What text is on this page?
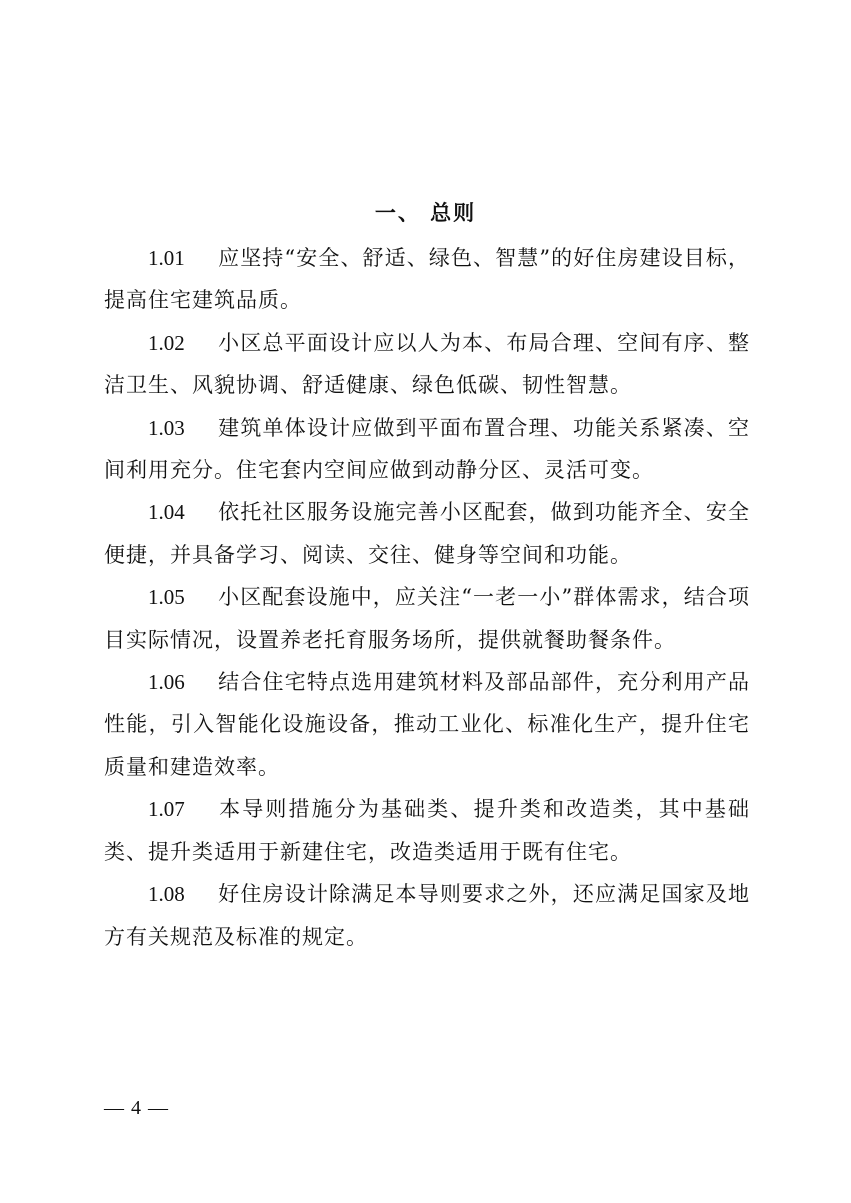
一、 总则

1.01 应坚持“安全、舒适、绿色、智慧”的好住房建设目标，提高住宅建筑品质。

1.02 小区总平面设计应以人为本、布局合理、空间有序、整洁卫生、风貌协调、舒适健康、绿色低碳、韧性智慧。

1.03 建筑单体设计应做到平面布置合理、功能关系紧凑、空间利用充分。住宅套内空间应做到动静分区、灵活可变。

1.04 依托社区服务设施完善小区配套，做到功能齐全、安全便捷，并具备学习、阅读、交往、健身等空间和功能。

1.05 小区配套设施中，应关注“一老一小”群体需求，结合项目实际情况，设置养老托育服务场所，提供就餐助餐条件。

1.06 结合住宅特点选用建筑材料及部品部件，充分利用产品性能，引入智能化设施设备，推动工业化、标准化生产，提升住宅质量和建造效率。

1.07 本导则措施分为基础类、提升类和改造类，其中基础类、提升类适用于新建住宅，改造类适用于既有住宅。

1.08 好住房设计除满足本导则要求之外，还应满足国家及地方有关规范及标准的规定。

— 4 —
